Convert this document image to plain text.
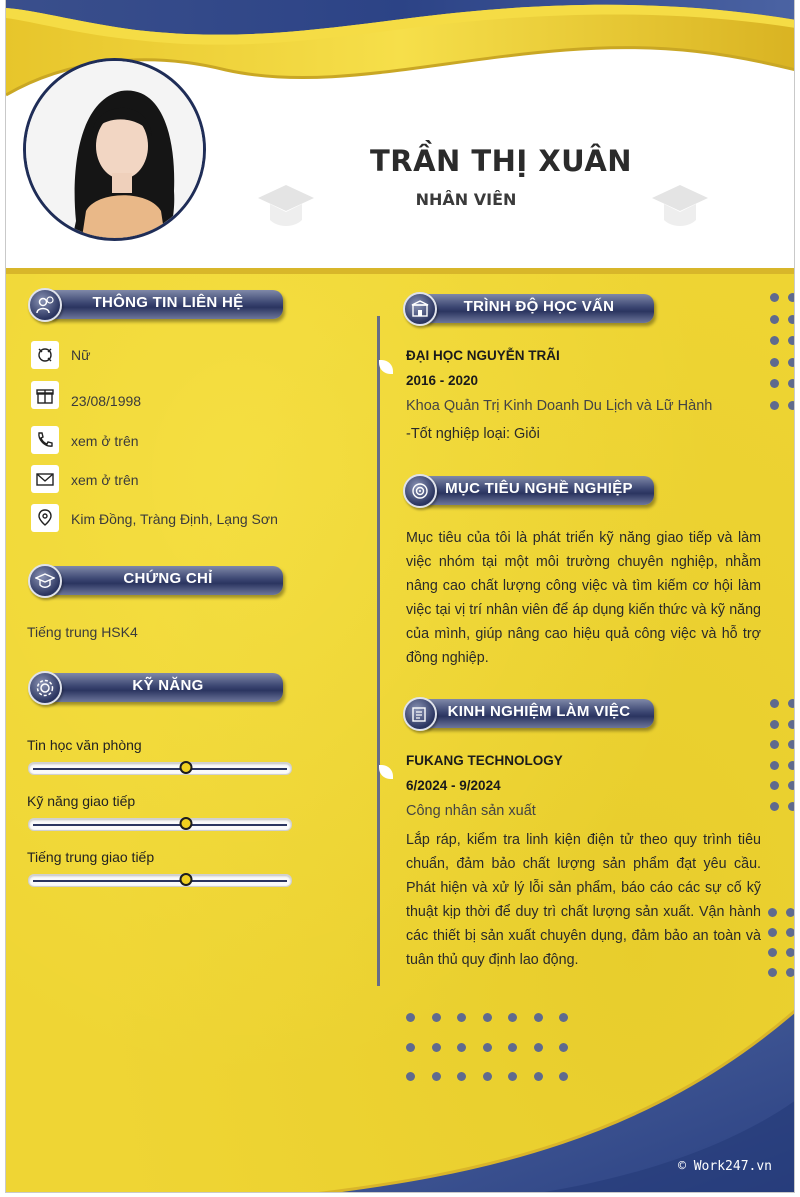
TRẦN THỊ XUÂN
NHÂN VIÊN
THÔNG TIN LIÊN HỆ
Nữ
23/08/1998
xem ở trên
xem ở trên
Kim Đồng, Tràng Định, Lạng Sơn
CHỨNG CHỈ
Tiếng trung HSK4
KỸ NĂNG
Tin học văn phòng
Kỹ năng giao tiếp
Tiếng trung giao tiếp
TRÌNH ĐỘ HỌC VẤN
ĐẠI HỌC NGUYỄN TRÃI
2016 - 2020
Khoa Quản Trị Kinh Doanh Du Lịch và Lữ Hành
-Tốt nghiệp loại: Giỏi
MỤC TIÊU NGHỀ NGHIỆP
Mục tiêu của tôi là phát triển kỹ năng giao tiếp và làm việc nhóm tại một môi trường chuyên nghiệp, nhằm nâng cao chất lượng công việc và tìm kiếm cơ hội làm việc tại vị trí nhân viên để áp dụng kiến thức và kỹ năng của mình, giúp nâng cao hiệu quả công việc và hỗ trợ đồng nghiệp.
KINH NGHIỆM LÀM VIỆC
FUKANG TECHNOLOGY
6/2024 - 9/2024
Công nhân sản xuất
Lắp ráp, kiểm tra linh kiện điện tử theo quy trình tiêu chuẩn, đảm bảo chất lượng sản phẩm đạt yêu cầu. Phát hiện và xử lý lỗi sản phẩm, báo cáo các sự cố kỹ thuật kịp thời để duy trì chất lượng sản xuất. Vận hành các thiết bị sản xuất chuyên dụng, đảm bảo an toàn và tuân thủ quy định lao động.
© Work247.vn
